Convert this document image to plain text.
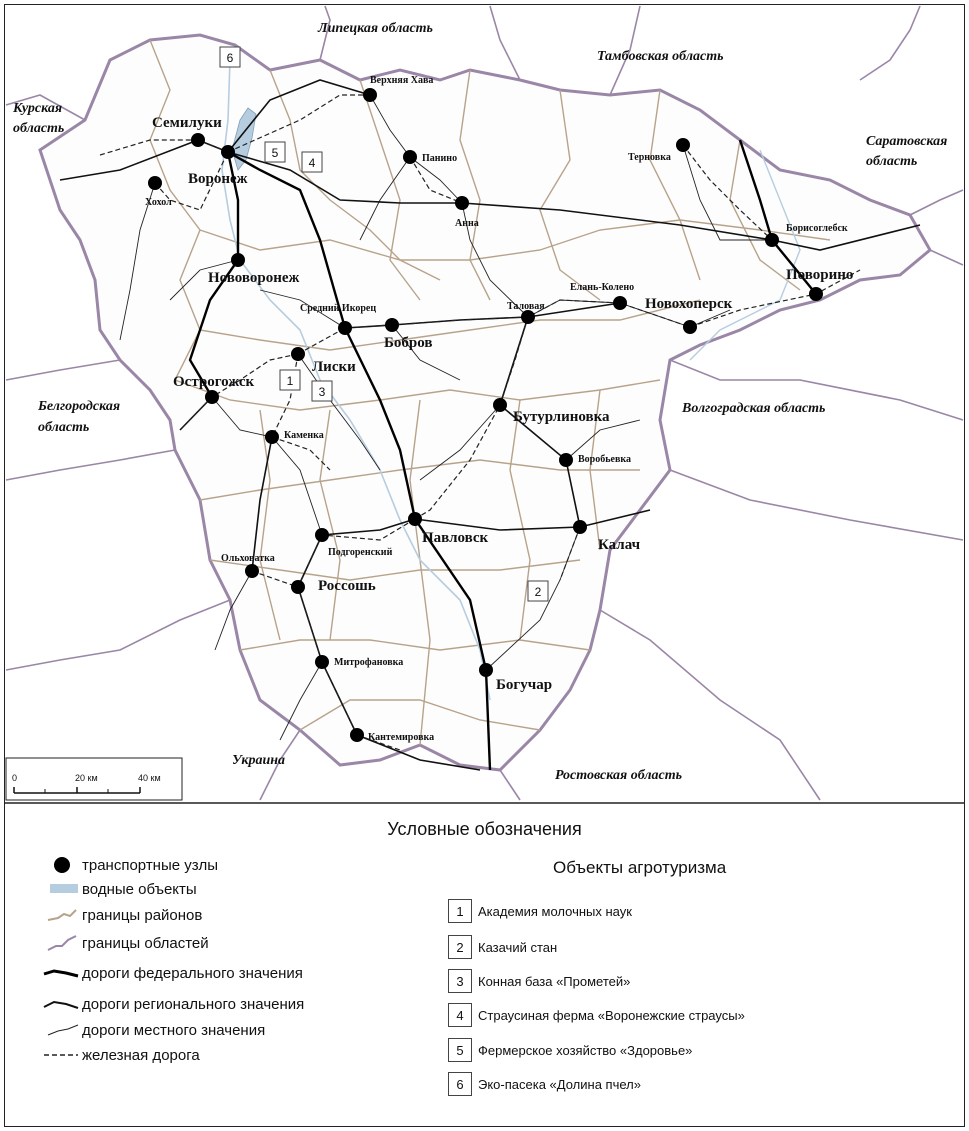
6
5
4
1
3
2
Липецкая область
Тамбовская область
Курская
область
Саратовская
область
Белгородская
область
Волгоградская область
Украина
Ростовская область
Семилуки
Воронеж
Нововоронеж
Лиски
Острогожск
Бобров
Новохоперск
Поворино
Бутурлиновка
Павловск	Калач
Россошь
Богучар
Верхняя Хава
Панино
Анна
Терновка
Борисоглебск
Хохол
Средний Икорец	Таловая
Елань-Колено
Каменка
Воробьевка
Подгоренский
Ольховатка
Митрофановка
Кантемировка
0	20 км	40 км
Условные обозначения
транспортные узлы
водные объекты
границы районов
границы областей
дороги федерального значения
дороги регионального значения
дороги местного значения
железная дорога
Объекты агротуризма
1	Академия молочных наук
2	Казачий стан
3	Конная база «Прометей»
4	Страусиная ферма «Воронежские страусы»
5	Фермерское хозяйство «Здоровье»
6	Эко-пасека «Долина пчел»
